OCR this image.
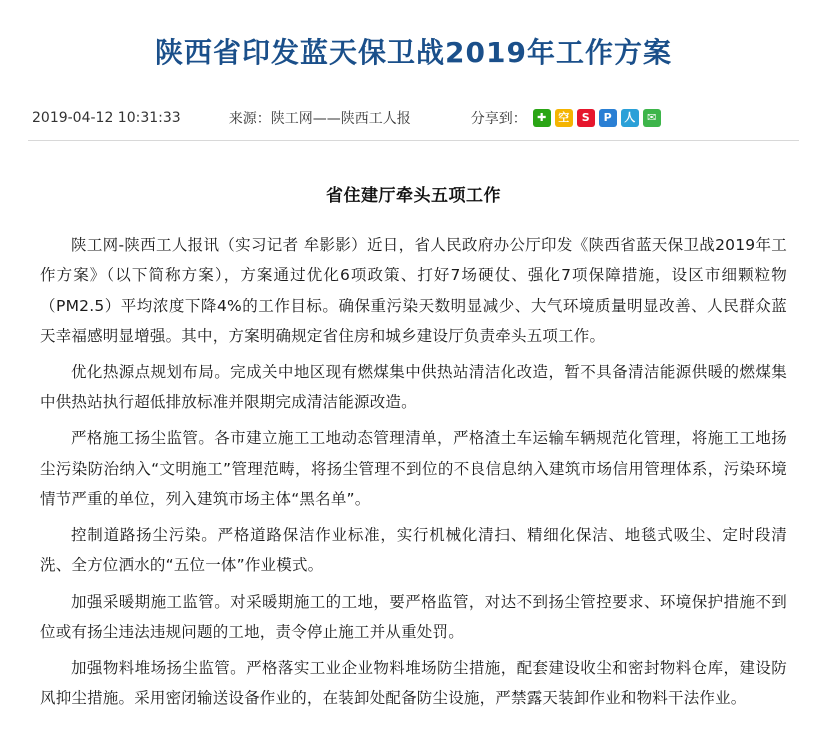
陕西省印发蓝天保卫战2019年工作方案
2019-04-12 10:31:33	来源：陕工网——陕西工人报	分享到： ✚	空	S	P	人	✉
省住建厅牵头五项工作

陕工网-陕西工人报讯（实习记者 牟影影）近日，省人民政府办公厅印发《陕西省蓝天保卫战2019年工作方案》（以下简称方案），方案通过优化6项政策、打好7场硬仗、强化7项保障措施，设区市细颗粒物（PM2.5）平均浓度下降4%的工作目标。确保重污染天数明显减少、大气环境质量明显改善、人民群众蓝天幸福感明显增强。其中，方案明确规定省住房和城乡建设厅负责牵头五项工作。

优化热源点规划布局。完成关中地区现有燃煤集中供热站清洁化改造，暂不具备清洁能源供暖的燃煤集中供热站执行超低排放标准并限期完成清洁能源改造。

严格施工扬尘监管。各市建立施工工地动态管理清单，严格渣土车运输车辆规范化管理，将施工工地扬尘污染防治纳入“文明施工”管理范畴，将扬尘管理不到位的不良信息纳入建筑市场信用管理体系，污染环境情节严重的单位，列入建筑市场主体“黑名单”。

控制道路扬尘污染。严格道路保洁作业标准，实行机械化清扫、精细化保洁、地毯式吸尘、定时段清洗、全方位洒水的“五位一体”作业模式。

加强采暖期施工监管。对采暖期施工的工地，要严格监管，对达不到扬尘管控要求、环境保护措施不到位或有扬尘违法违规问题的工地，责令停止施工并从重处罚。

加强物料堆场扬尘监管。严格落实工业企业物料堆场防尘措施，配套建设收尘和密封物料仓库，建设防风抑尘措施。采用密闭输送设备作业的，在装卸处配备防尘设施，严禁露天装卸作业和物料干法作业。
